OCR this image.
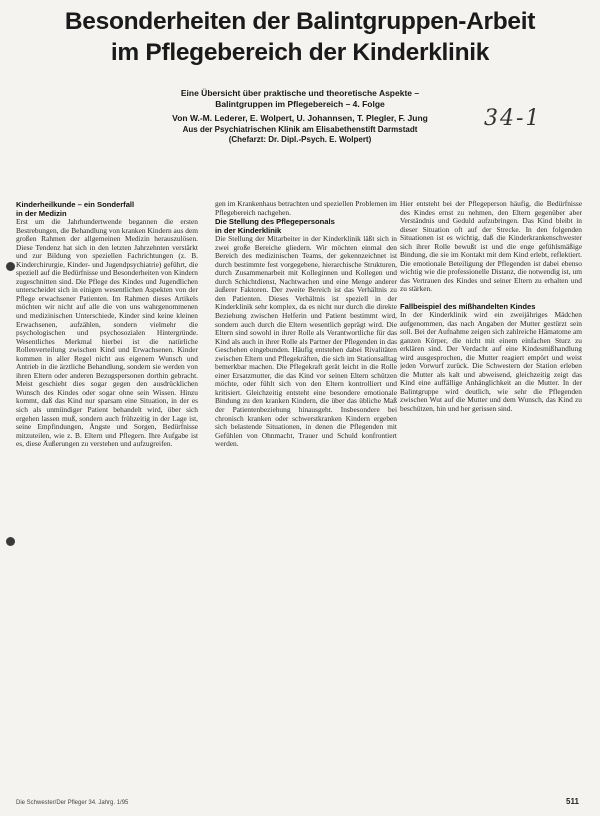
Besonderheiten der Balintgruppen-Arbeit
im Pflegebereich der Kinderklinik
Eine Übersicht über praktische und theoretische Aspekte –
Balintgruppen im Pflegebereich – 4. Folge
34-1
Von W.-M. Lederer, E. Wolpert, U. Johannsen, T. Plegler, F. Jung
Aus der Psychiatrischen Klinik am Elisabethenstift Darmstadt
(Chefarzt: Dr. Dipl.-Psych. E. Wolpert)

Kinderheilkunde – ein Sonderfall
in der Medizin

Erst um die Jahrhundertwende begannen die ersten Bestrebungen, die Behandlung von kranken Kindern aus dem großen Rahmen der allgemeinen Medizin herauszulösen. Diese Tendenz hat sich in den letzten Jahrzehnten verstärkt und zur Bildung von speziellen Fachrichtungen (z. B. Kinderchirurgie, Kinder- und Jugendpsychiatrie) geführt, die speziell auf die Bedürfnisse und Besonderheiten von Kindern zugeschnitten sind. Die Pflege des Kindes und Jugendlichen unterscheidet sich in einigen wesentlichen Aspekten von der Pflege erwachsener Patienten. Im Rahmen dieses Artikels möchten wir nicht auf alle die von uns wahrgenommenen und medizinischen Unterschiede, Kinder sind keine kleinen Erwachsenen, aufzählen, sondern vielmehr die psychologischen und psychosozialen Hintergründe. Wesentliches Merkmal hierbei ist die natürliche Rollenverteilung zwischen Kind und Erwachsenen. Kinder kommen in aller Regel nicht aus eigenem Wunsch und Antrieb in die ärztliche Behandlung, sondern sie werden von ihren Eltern oder anderen Bezugspersonen dorthin gebracht. Meist geschieht dies sogar gegen den ausdrücklichen Wunsch des Kindes oder sogar ohne sein Wissen. Hinzu kommt, daß das Kind nur sparsam eine Situation, in der es sich als unmündiger Patient behandelt wird, über sich ergehen lassen muß, sondern auch frühzeitig in der Lage ist, seine Empfindungen, Ängste und Sorgen, Bedürfnisse mitzuteilen, wie z. B. Eltern und Pflegern. Ihre Aufgabe ist es, diese Äußerungen zu verstehen und aufzugreifen.

gen im Krankenhaus betrachten und speziellen Problemen im Pflegebereich nachgehen.

Die Stellung des Pflegepersonals
in der Kinderklinik

Die Stellung der Mitarbeiter in der Kinderklinik läßt sich in zwei große Bereiche gliedern. Wir möchten einmal den Bereich des medizinischen Teams, der gekennzeichnet ist durch bestimmte fest vorgegebene, hierarchische Strukturen, durch Zusammenarbeit mit Kolleginnen und Kollegen und durch Schichtdienst, Nachtwachen und eine Menge anderer äußerer Faktoren. Der zweite Bereich ist das Verhältnis zu den Patienten. Dieses Verhältnis ist speziell in der Kinderklinik sehr komplex, da es nicht nur durch die direkte Beziehung zwischen Helferin und Patient bestimmt wird, sondern auch durch die Eltern wesentlich geprägt wird. Die Eltern sind sowohl in ihrer Rolle als Verantwortliche für das Kind als auch in ihrer Rolle als Partner der Pflegenden in das Geschehen eingebunden. Häufig entstehen dabei Rivalitäten zwischen Eltern und Pflegekräften, die sich im Stationsalltag bemerkbar machen. Die Pflegekraft gerät leicht in die Rolle einer Ersatzmutter, die das Kind vor seinen Eltern schützen möchte, oder fühlt sich von den Eltern kontrolliert und kritisiert. Gleichzeitig entsteht eine besondere emotionale Bindung zu den kranken Kindern, die über das übliche Maß der Patientenbeziehung hinausgeht. Insbesondere bei chronisch kranken oder schwerstkranken Kindern ergeben sich belastende Situationen, in denen die Pflegenden mit Gefühlen von Ohnmacht, Trauer und Schuld konfrontiert werden.

Hier entsteht bei der Pflegeperson häufig, die Bedürfnisse des Kindes ernst zu nehmen, den Eltern gegenüber aber Verständnis und Geduld aufzubringen. Das Kind bleibt in dieser Situation oft auf der Strecke. In den folgenden Situationen ist es wichtig, daß die Kinderkrankenschwester sich ihrer Rolle bewußt ist und die enge gefühlsmäßige Bindung, die sie im Kontakt mit dem Kind erlebt, reflektiert. Die emotionale Beteiligung der Pflegenden ist dabei ebenso wichtig wie die professionelle Distanz, die notwendig ist, um das Vertrauen des Kindes und seiner Eltern zu erhalten und zu stärken.

Fallbeispiel des mißhandelten Kindes

In der Kinderklinik wird ein zweijähriges Mädchen aufgenommen, das nach Angaben der Mutter gestürzt sein soll. Bei der Aufnahme zeigen sich zahlreiche Hämatome am ganzen Körper, die nicht mit einem einfachen Sturz zu erklären sind. Der Verdacht auf eine Kindesmißhandlung wird ausgesprochen, die Mutter reagiert empört und weist jeden Vorwurf zurück. Die Schwestern der Station erleben die Mutter als kalt und abweisend, gleichzeitig zeigt das Kind eine auffällige Anhänglichkeit an die Mutter. In der Balintgruppe wird deutlich, wie sehr die Pflegenden zwischen Wut auf die Mutter und dem Wunsch, das Kind zu beschützen, hin und her gerissen sind.

Die Schwester/Der Pfleger 34. Jahrg. 1/95	511
